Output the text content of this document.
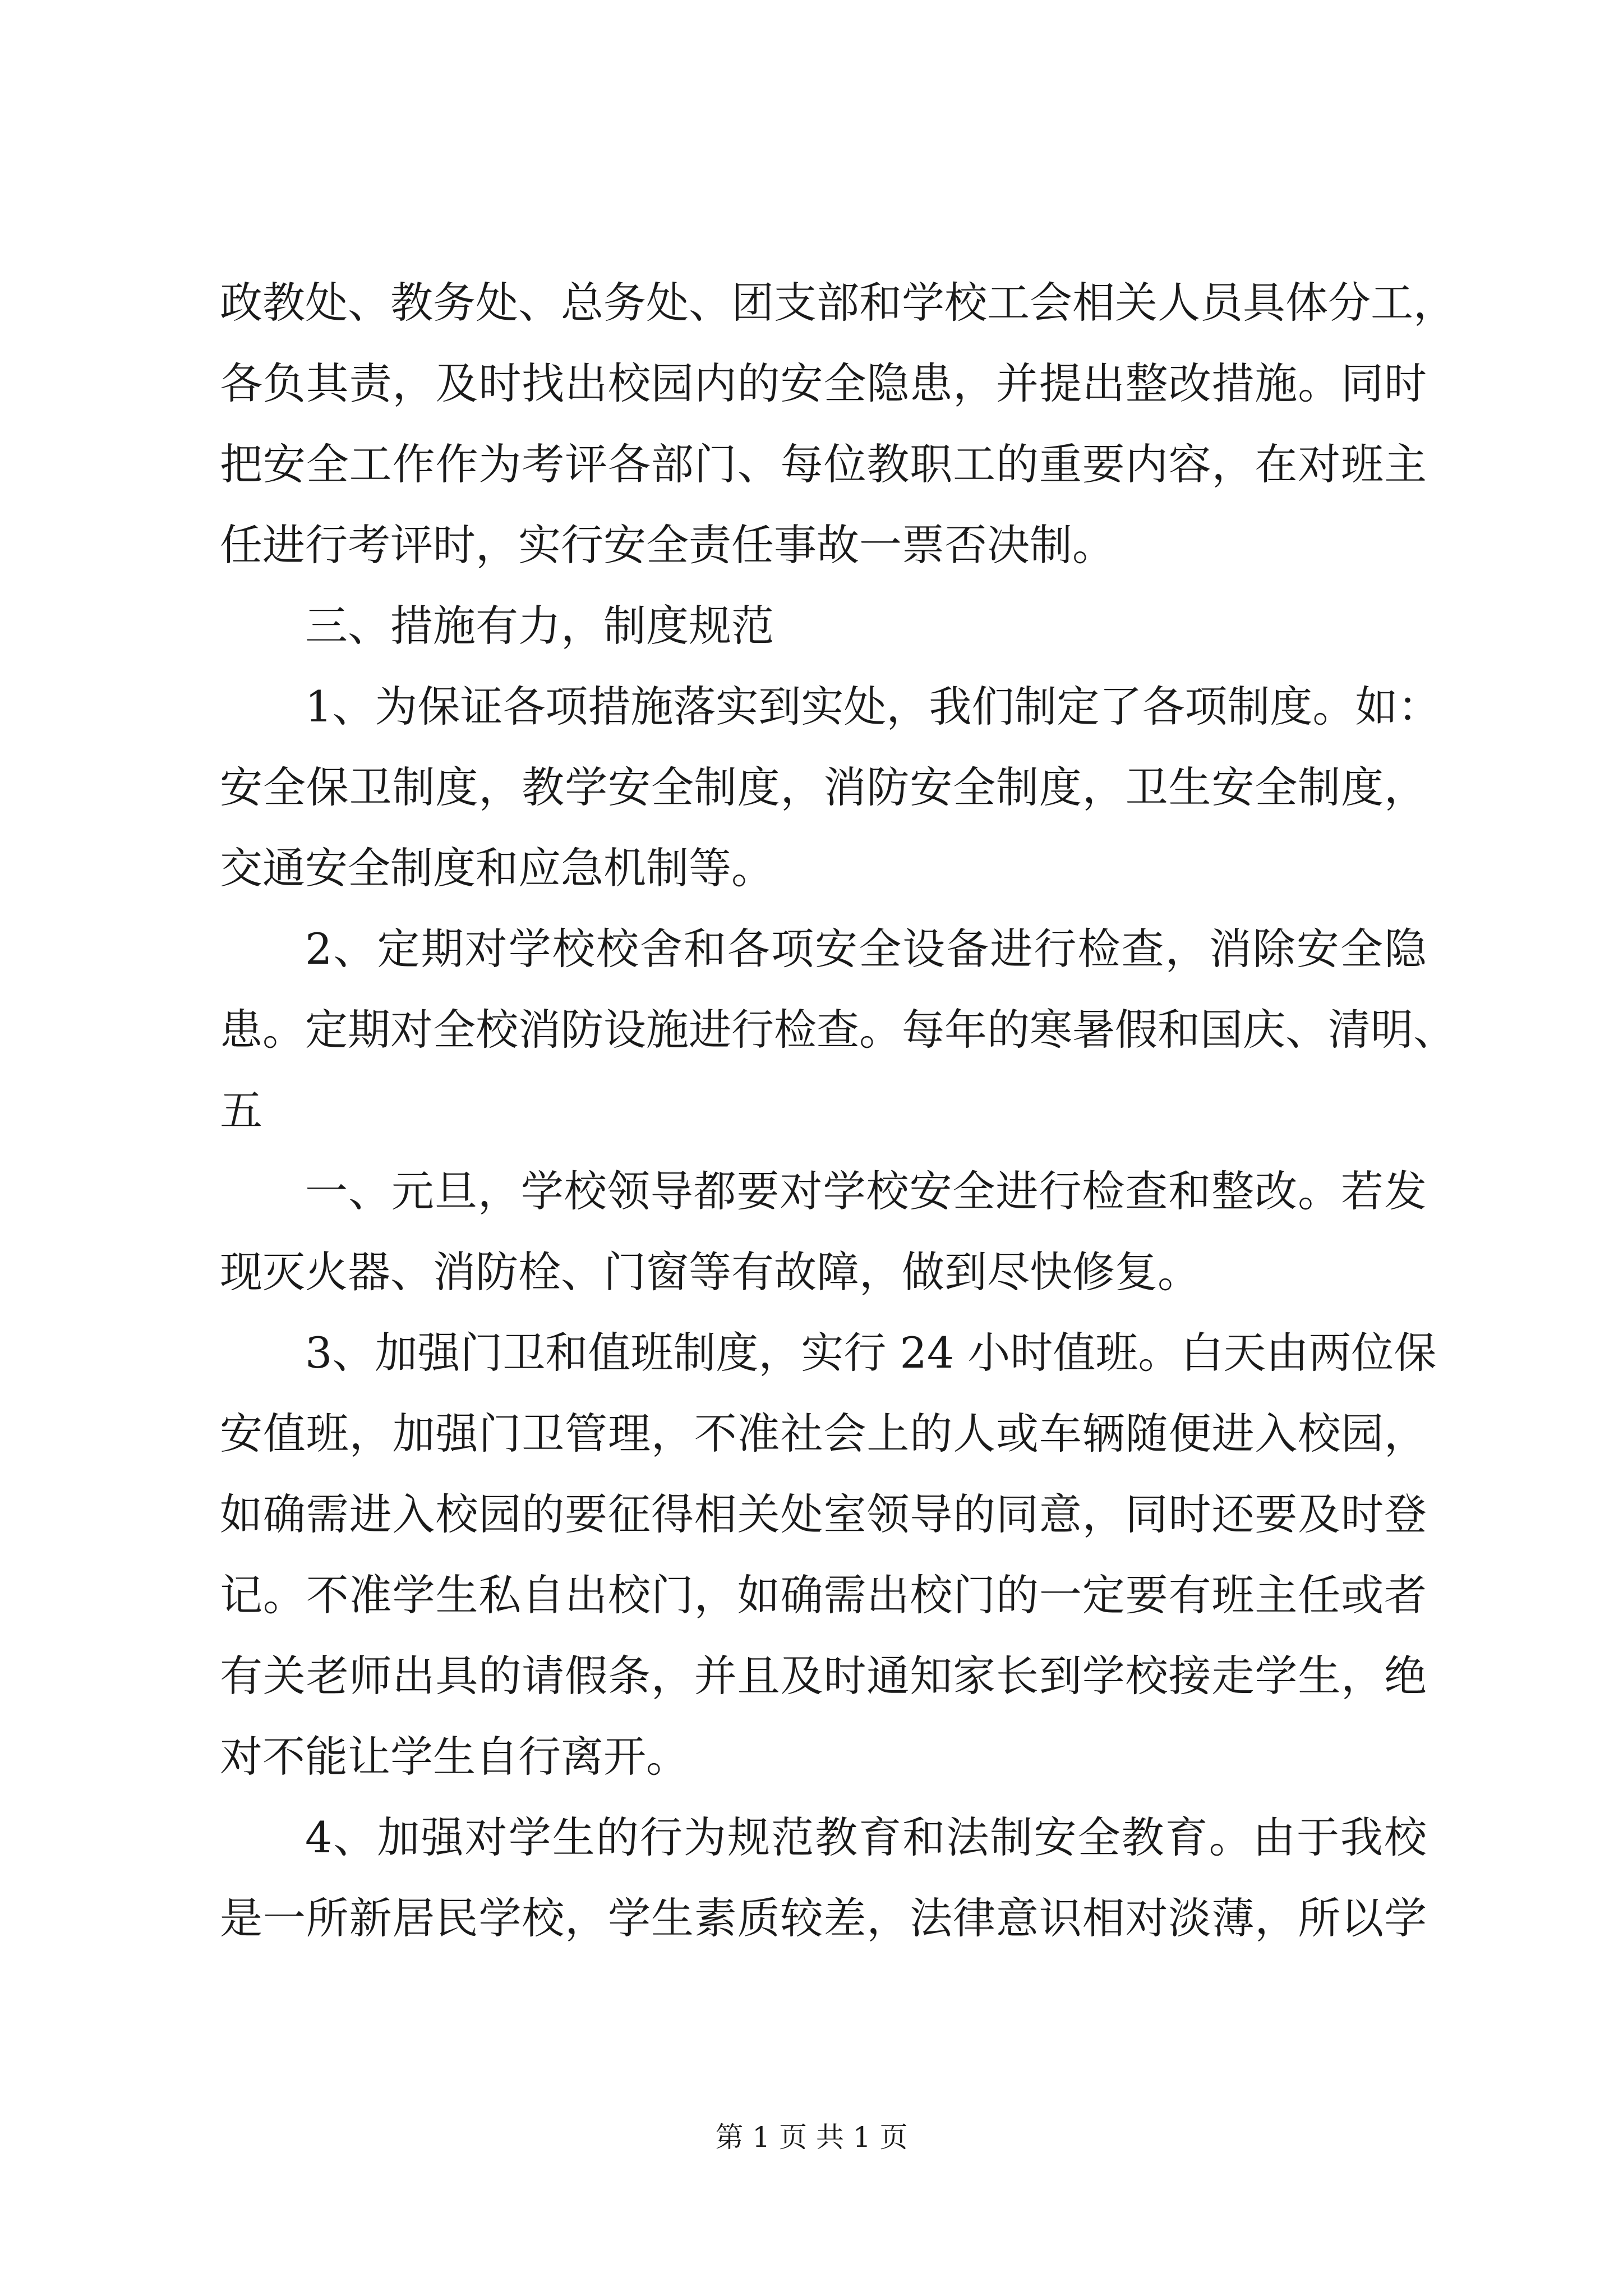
政教处、教务处、总务处、团支部和学校工会相关人员具体分工，
各负其责，及时找出校园内的安全隐患，并提出整改措施。同时
把安全工作作为考评各部门、每位教职工的重要内容，在对班主
任进行考评时，实行安全责任事故一票否决制。
三、措施有力，制度规范
1、为保证各项措施落实到实处，我们制定了各项制度。如：
安全保卫制度，教学安全制度，消防安全制度，卫生安全制度，
交通安全制度和应急机制等。
2、定期对学校校舍和各项安全设备进行检查，消除安全隐
患。定期对全校消防设施进行检查。每年的寒暑假和国庆、清明、
五
一、元旦，学校领导都要对学校安全进行检查和整改。若发
现灭火器、消防栓、门窗等有故障，做到尽快修复。
3、加强门卫和值班制度，实行 24 小时值班。白天由两位保
安值班，加强门卫管理，不准社会上的人或车辆随便进入校园，
如确需进入校园的要征得相关处室领导的同意，同时还要及时登
记。不准学生私自出校门，如确需出校门的一定要有班主任或者
有关老师出具的请假条，并且及时通知家长到学校接走学生，绝
对不能让学生自行离开。
4、加强对学生的行为规范教育和法制安全教育。由于我校
是一所新居民学校，学生素质较差，法律意识相对淡薄，所以学
第 1 页 共 1 页
